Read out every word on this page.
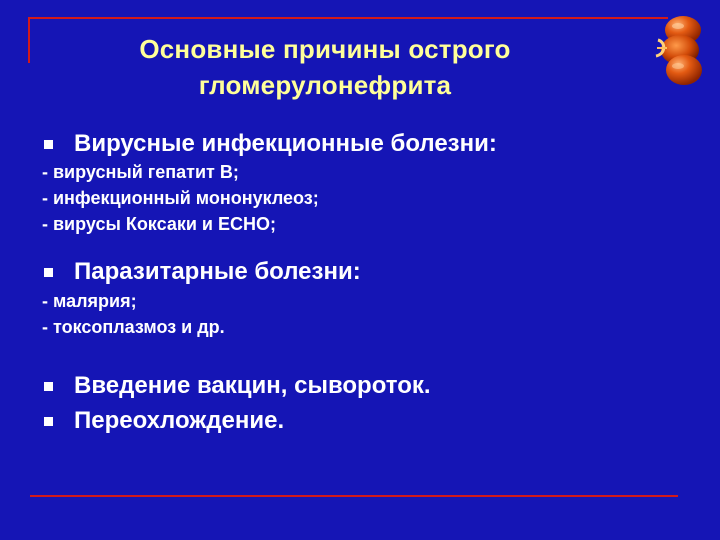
Основные причины острого
гломерулонефрита
Вирусные инфекционные болезни:
- вирусный гепатит В;
- инфекционный мононуклеоз;
- вирусы Коксаки и ЕСНО;
Паразитарные болезни:
- малярия;
- токсоплазмоз и др.
Введение вакцин, сывороток.
Переохлождение.
